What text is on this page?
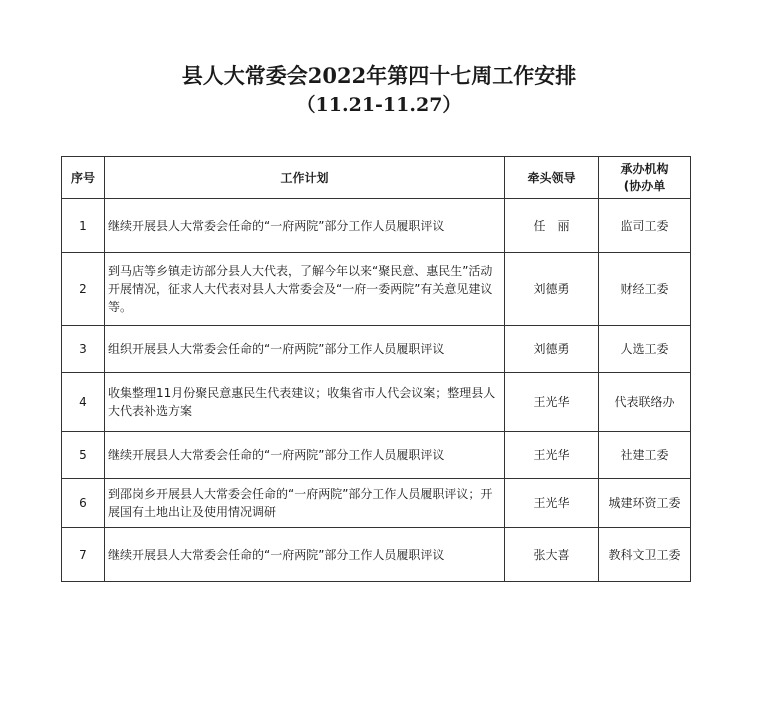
县人大常委会2022年第四十七周工作安排
（11.21-11.27）
序号	工作计划	牵头领导	承办机构
(协办单

1	继续开展县人大常委会任命的“一府两院”部分工作人员履职评议	任　丽	监司工委
2	到马店等乡镇走访部分县人大代表，了解今年以来“聚民意、惠民生”活动开展情况，征求人大代表对县人大常委会及“一府一委两院”有关意见建议等。	刘德勇	财经工委
3	组织开展县人大常委会任命的“一府两院”部分工作人员履职评议	刘德勇	人选工委
4	收集整理11月份聚民意惠民生代表建议；收集省市人代会议案；整理县人大代表补选方案	王光华	代表联络办
5	继续开展县人大常委会任命的“一府两院”部分工作人员履职评议	王光华	社建工委
6	到邵岗乡开展县人大常委会任命的“一府两院”部分工作人员履职评议；开展国有土地出让及使用情况调研	王光华	城建环资工委
7	继续开展县人大常委会任命的“一府两院”部分工作人员履职评议	张大喜	教科文卫工委
